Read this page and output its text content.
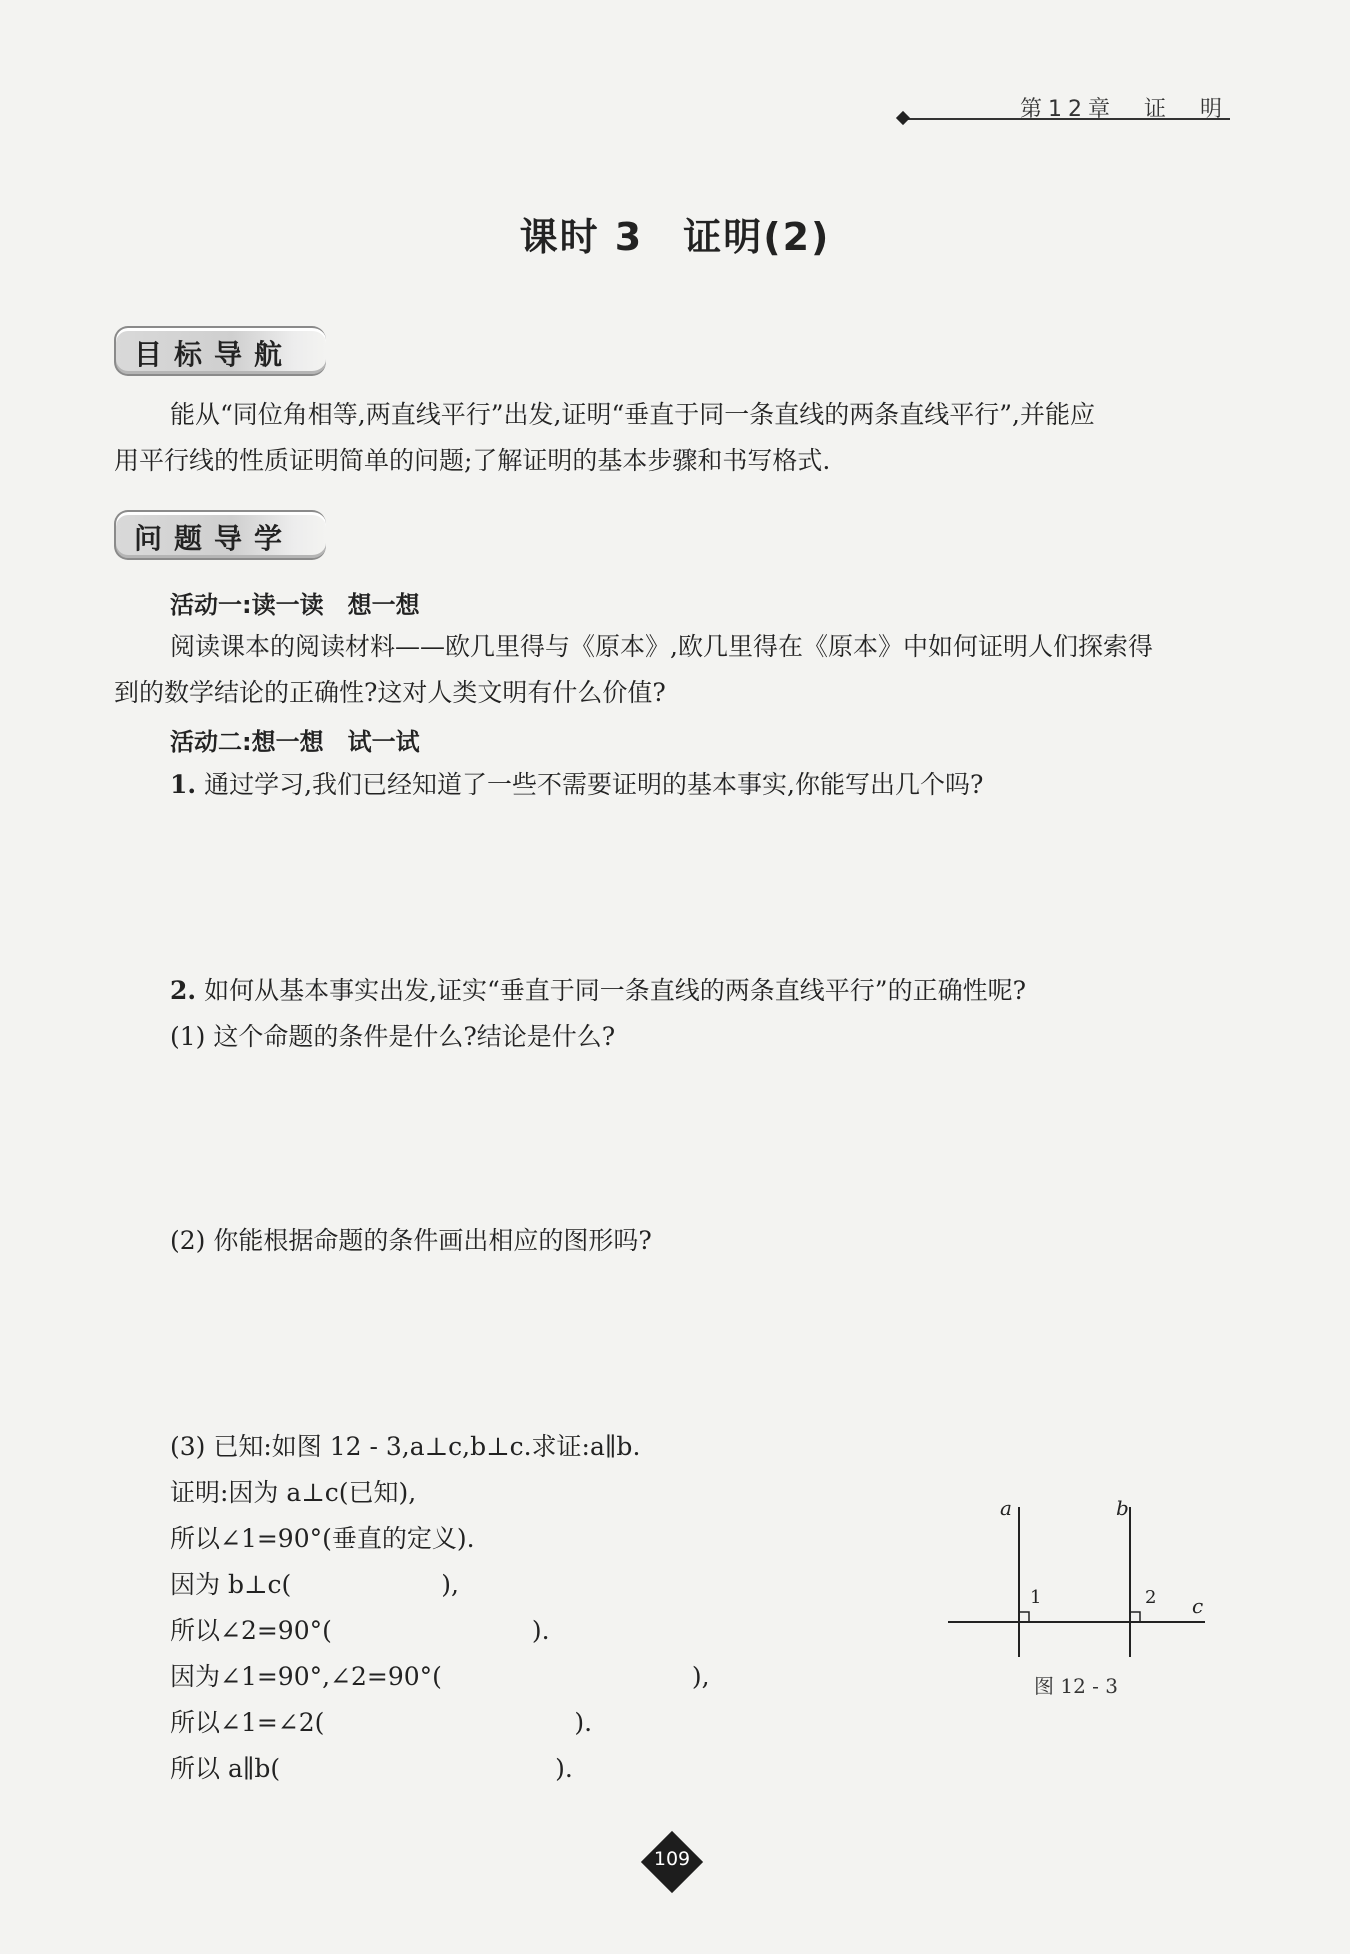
第12章　证　明
课时 3 证明(2)
目标导航
能从“同位角相等,两直线平行”出发,证明“垂直于同一条直线的两条直线平行”,并能应
用平行线的性质证明简单的问题;了解证明的基本步骤和书写格式.
问题导学
活动一:读一读　想一想
阅读课本的阅读材料——欧几里得与《原本》,欧几里得在《原本》中如何证明人们探索得
到的数学结论的正确性?这对人类文明有什么价值?
活动二:想一想　试一试
1. 通过学习,我们已经知道了一些不需要证明的基本事实,你能写出几个吗?
2. 如何从基本事实出发,证实“垂直于同一条直线的两条直线平行”的正确性呢?
(1) 这个命题的条件是什么?结论是什么?
(2) 你能根据命题的条件画出相应的图形吗?
(3) 已知:如图 12 - 3,a⊥c,b⊥c.求证:a∥b.
证明:因为 a⊥c(已知),
所以∠1=90°(垂直的定义).
因为 b⊥c(　　　　　　),
所以∠2=90°(　　　　　　　　).
因为∠1=90°,∠2=90°(　　　　　　　　　　),
所以∠1=∠2(　　　　　　　　　　).
所以 a∥b(　　　　　　　　　　　).
a	b
c
1	2
图 12 - 3
109
